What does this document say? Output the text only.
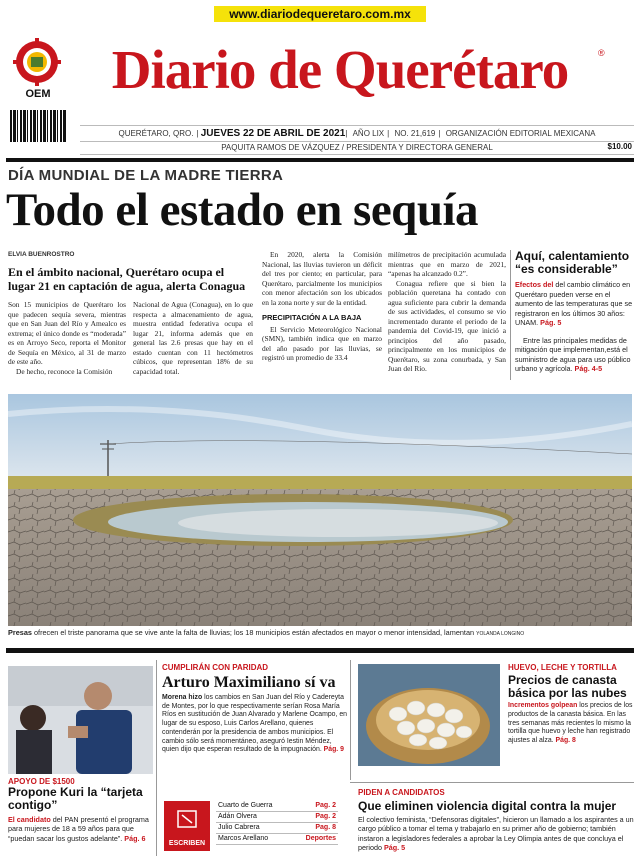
www.diariodequeretaro.com.mx
OEM	Diario de Querétaro	®
QUERÉTARO, QRO. | JUEVES 22 DE ABRIL DE 2021| AÑO LIX | NO. 21,619 | ORGANIZACIÓN EDITORIAL MEXICANA
PAQUITA RAMOS DE VÁZQUEZ / PRESIDENTA Y DIRECTORA GENERAL	$10.00
DÍA MUNDIAL DE LA MADRE TIERRA
Todo el estado en sequía
ELVIA BUENROSTRO
En el ámbito nacional, Querétaro ocupa el lugar 21 en captación de agua, alerta Conagua
Son 15 municipios de Querétaro los que padecen sequía severa, mientras que en San Juan del Río y Amealco es extrema; el único donde es “moderada” es en Arroyo Seco, reporta el Monitor de Sequía en México, al 31 de marzo de este año.
De hecho, reconoce la Comisión
Nacional de Agua (Conagua), en lo que respecta a almacenamiento de agua, muestra entidad federativa ocupa el lugar 21, informa además que en general las 2.6 presas que hay en el estado cuentan con 11 hectómetros cúbicos, que representan 18% de su capacidad total.
En 2020, alerta la Comisión Nacional, las lluvias tuvieron un déficit del tres por ciento; en particular, para Querétaro, parcialmente los municipios con menor afectación son los ubicados en la zona norte y sur de la entidad.
PRECIPITACIÓN A LA BAJA
El Servicio Meteorológico Nacional (SMN), también indica que en marzo del año pasado por las lluvias, se registró un promedio de 33.4
milímetros de precipitación acumulada mientras que en marzo de 2021, “apenas ha alcanzado 0.2”.
Conagua refiere que si bien la población queretana ha contado con agua suficiente para cubrir la demanda de sus actividades, el consumo se vio incrementado durante el periodo de la pandemia del Covid-19, que inició a principios del año pasado, principalmente en los municipios de Querétaro, su zona conurbada, y San Juan del Río.
Aquí, calentamiento “es considerable”
Efectos del del cambio climático en Querétaro pueden verse en el aumento de las temperaturas que se registraron en los últimos 30 años: UNAM. Pág. 5
Entre las principales medidas de mitigación que implementan,está el suministro de agua para uso público urbano y agrícola. Pág. 4-5
Presas ofrecen el triste panorama que se vive ante la falta de lluvias; los 18 municipios están afectados en mayor o menor intensidad, lamentan YOLANDA LONGINO
APOYO DE $1500
Propone Kuri la “tarjeta contigo”
El candidato del PAN presentó el programa para mujeres de 18 a 59 años para que “puedan sacar los gustos adelante”. Pág. 6
CUMPLIRÁN CON PARIDAD
Arturo Maximiliano sí va
Morena hizo los cambios en San Juan del Río y Cadereyta de Montes, por lo que respectivamente serían Rosa María Ríos en sustitución de Juan Alvarado y Marlene Ocampo, en lugar de su esposo, Luis Carlos Arellano, quienes contenderán por la presidencia de ambos municipios. El cambio sólo será momentáneo, aseguró Iestin Méndez, quien dijo que esperan resultado de la impugnación. Pág. 9
ESCRIBEN
Cuarto de Guerra	Pag. 2
Adán Olvera	Pag. 2
Julio Cabrera	Pag. 8
Marcos Arellano	Deportes
HUEVO, LECHE Y TORTILLA
Precios de canasta básica por las nubes
Incrementos golpean los precios de los productos de la canasta básica. En las tres semanas más recientes lo mismo la tortilla que huevo y leche han registrado ajustes al alza. Pág. 8
PIDEN A CANDIDATOS
Que eliminen violencia digital contra la mujer
El colectivo feminista, “Defensoras digitales”, hicieron un llamado a los aspirantes a un cargo público a tomar el tema y trabajarlo en su primer año de gobierno; también instaron a legisladores federales a aprobar la Ley Olimpia antes de que concluya el periodo Pág. 5
